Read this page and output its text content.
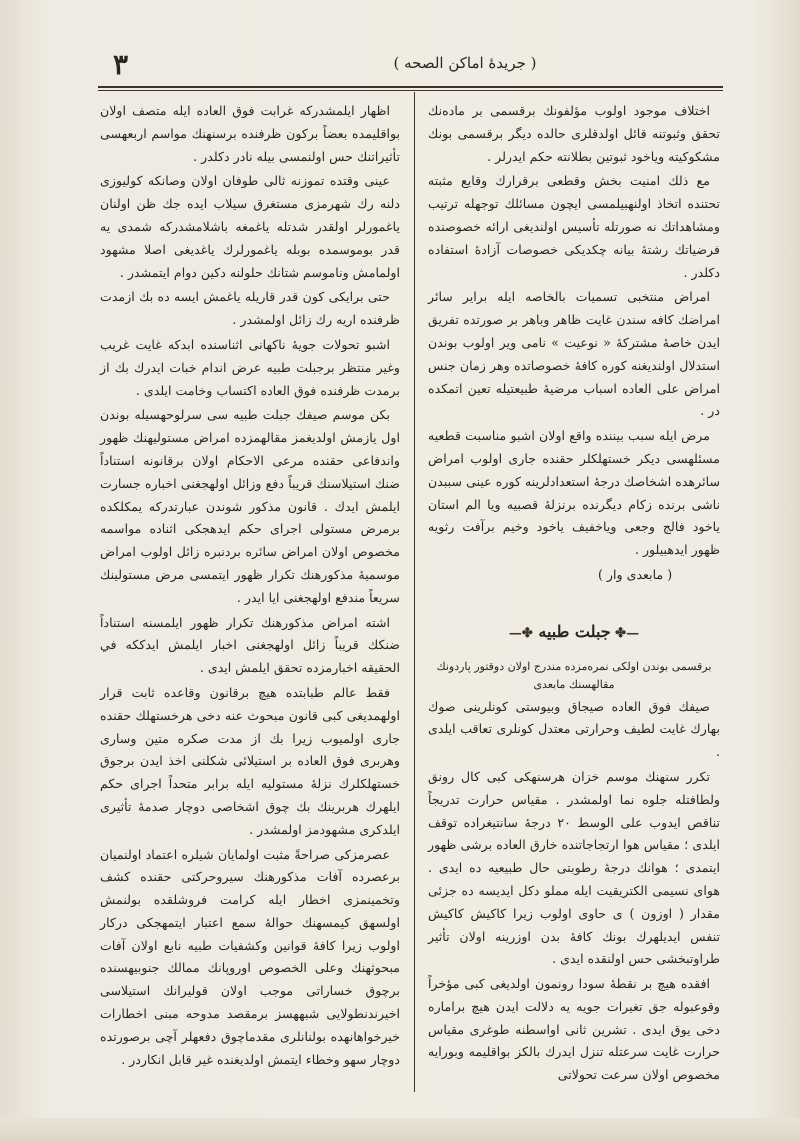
٣	( جريدهٔ اماكن الصحه )

اختلاف موجود اولوب مؤلفونك برقسمى بر مادەنك تحقق وثبوتنه قائل اولدقلرى حالده ديگر برقسمى بونك مشكوكيته وياخود ثبوتين بطلانته حكم ايدرلر .

مع ذلك امنيت بخش وقطعى برقرارك وقايع مثبته تحتنده اتخاذ اولنهبيلمسى ايچون مسائلك توجهله ترتيب ومشاهداتك نه صورتله تأسيس اولنديغى ارائه خصوصنده فرضياتك رشتهٔ بيانه چكديكى خصوصات آزادهٔ استفاده دكلدر .

امراض منتخبى تسميات بالخاصه ايله براير سائر امراضك كافه سندن غايت ظاهر وباهر بر صورتده تفريق ايدن خاصهٔ مشتركهٔ « نوعيت » نامى وير اولوب بوندن استدلال اولنديغنه كوره كافهٔ خصوصاتده وهر زمان جنس امراض على العاده اسباب مرضيهٔ طبيعتيله تعين اتمكده در .

مرض ايله سبب بيننده واقع اولان اشبو مناسبت قطعيه مسئلهسى ديكر خستهلكلر حقنده جارى اولوب امراض سائرهده اشخاصك درجهٔ استعدادلرينه كوره عينى سببدن ناشى برنده زكام ديگرنده برنزلهٔ قصبيه ويا الم استان ياخود فالج وجعى وياخفيف ياخود وخيم برآفت رثويه ظهور ايدهبيلور .

( مابعدى وار )
—✤ جبلت طبيه ✤—

برقسمى بوندن اولكى نمرەمزده مندرج اولان دوقتور پاردونك مقالهسنك مابعدى

صيفك فوق العاده صيجاق وبيوستى كونلرينى صوك بهارك غايت لطيف وحرارتى معتدل كونلرى تعاقب ايلدى .

تكرر سنهنك موسم خزان هرسنهكى كبى كال رونق ولطافتله جلوه نما اولمشدر . مقياس حرارت تدريجاً تناقص ايدوب على الوسط ٢٠ درجهٔ سانتيغراده توقف ايلدى ؛ مقياس هوا ارتجاجاتنده خارق العاده برشى ظهور ايتمدى ؛ هوانك درجهٔ رطوبتى حال طبيعيه ده ايدى . هواى نسيمى الكتريقيت ايله مملو دكل ايديسه ده جزئى مقدار ( اوزون ) ى حاوى اولوب زيرا كاكيش كاكيش تنفس ايديلهرك بونك كافهٔ بدن اوزرينه اولان تأثير طراوتبخشى حس اولنقده ايدى .

افقده هيچ بر نقطهٔ سودا رونمون اولديغى كبى مؤخراً وقوعبوله جق تغيرات جويه يه دلالت ايدن هيچ براماره دخى يوق ايدى . تشرين ثانى اواسطنه طوغرى مقياس حرارت غايت سرعتله تنزل ايدرك بالكز بواقليمه وبورايه مخصوص اولان سرعت تحولاتى

اظهار ايلمشدركه غرابت فوق العاده ايله متصف اولان بواقليمده بعضاً بركون ظرفنده برسنهنك مواسم اربعهسى تأثيراتنك حس اولنمسى بيله نادر دكلدر .

عينى وقتده تموزنه ثالى طوفان اولان وصانكه كوليوزى دلنه رك شهرمزى مستغرق سيلاب ايده جك ظن اولنان ياغمورلر اولقدر شدتله ياغمغه باشلامشدركه شمدى يه قدر بوموسمده بوبله ياغمورلرك ياغديغى اصلا مشهود اولمامش وناموسم شتانك حلولنه دكين دوام ايتمشدر .

حتى برايكى كون قدر قاريله ياغمش ايسه ده بك ازمدت ظرفنده اريه رك زائل اولمشدر .

اشبو تحولات جويهٔ ناكهانى اثناسنده ابدكه غايت غريب وغير منتظر برجبلت طبيه عرض اندام خبات ايدرك بك از برمدت ظرفنده فوق العاده اكتساب وخامت ايلدى .

بكن موسم صيفك جبلت طبيه سى سرلوحهسيله بوندن اول يازمش اولديغمز مقالهمزده امراض مستوليهنك ظهور واندفاعى حقنده مرعى الاحكام اولان برقانونه استناداً ضنك استيلاسنك قريباً دفع وزائل اولهجغنى اخباره جسارت ايلمش ايدك . قانون مذكور شوندن عبارتدركه يمكلكده برمرض مستولى اجراى حكم ايدهجكى اثناده مواسمه مخصوص اولان امراض سائره بردنبره زائل اولوب امراض موسميهٔ مذكورهنك تكرار ظهور ايتمسى مرض مستولينك سريعاً مندفع اولهجغنى ايا ايدر .

اشته امراض مذكورهنك تكرار ظهور ايلمسنه استناداً ضنكك قريباً زائل اولهجغنى اخبار ايلمش ايدككه في الحقيقه اخبارمزده تحقق ايلمش ايدى .

فقط عالم طبابتده هيچ برقانون وقاعده ثابت قرار اولهمديغى كبى قانون مبحوث عنه دخى هرخستهلك حقنده جارى اولميوب زيرا بك از مدت صكره متين وسارى وهربرى فوق العاده بر استيلائى شكلنى اخذ ايدن برجوق خستهلكلرك نزلهٔ مستوليه ايله برابر متحداً اجراى حكم ايلهرك هربرينك بك چوق اشخاصى دوچار صدمهٔ تأثيرى ايلدكرى مشهودمز اولمشدر .

عصرمزكى صراحةً مثبت اولمايان شيلره اعتماد اولنميان برعصرده آفات مذكورهنك سيروحركتى حقنده كشف وتخمينمزى اخطار ايله كرامت فروشلقده بولنمش اولسهق كيمسهنك حوالهٔ سمع اعتبار ايتمهجكى دركار اولوب زيرا كافهٔ قوانين وكشفيات طبيه نابع اولان آفات مبحوثهنك وعلى الخصوص اوروپانك ممالك جنوبيهسنده برچوق خساراتى موجب اولان قوليرانك استيلاسى اخيرندنطولايى شبههسز برمقصد مدوحه مبنى اخطارات خيرخواهانهده بولنانلرى مقدماچوق دفعهلر آچى برصورتده دوچار سهو وخطاء ايتمش اولديغنده غير قابل انكاردر .
